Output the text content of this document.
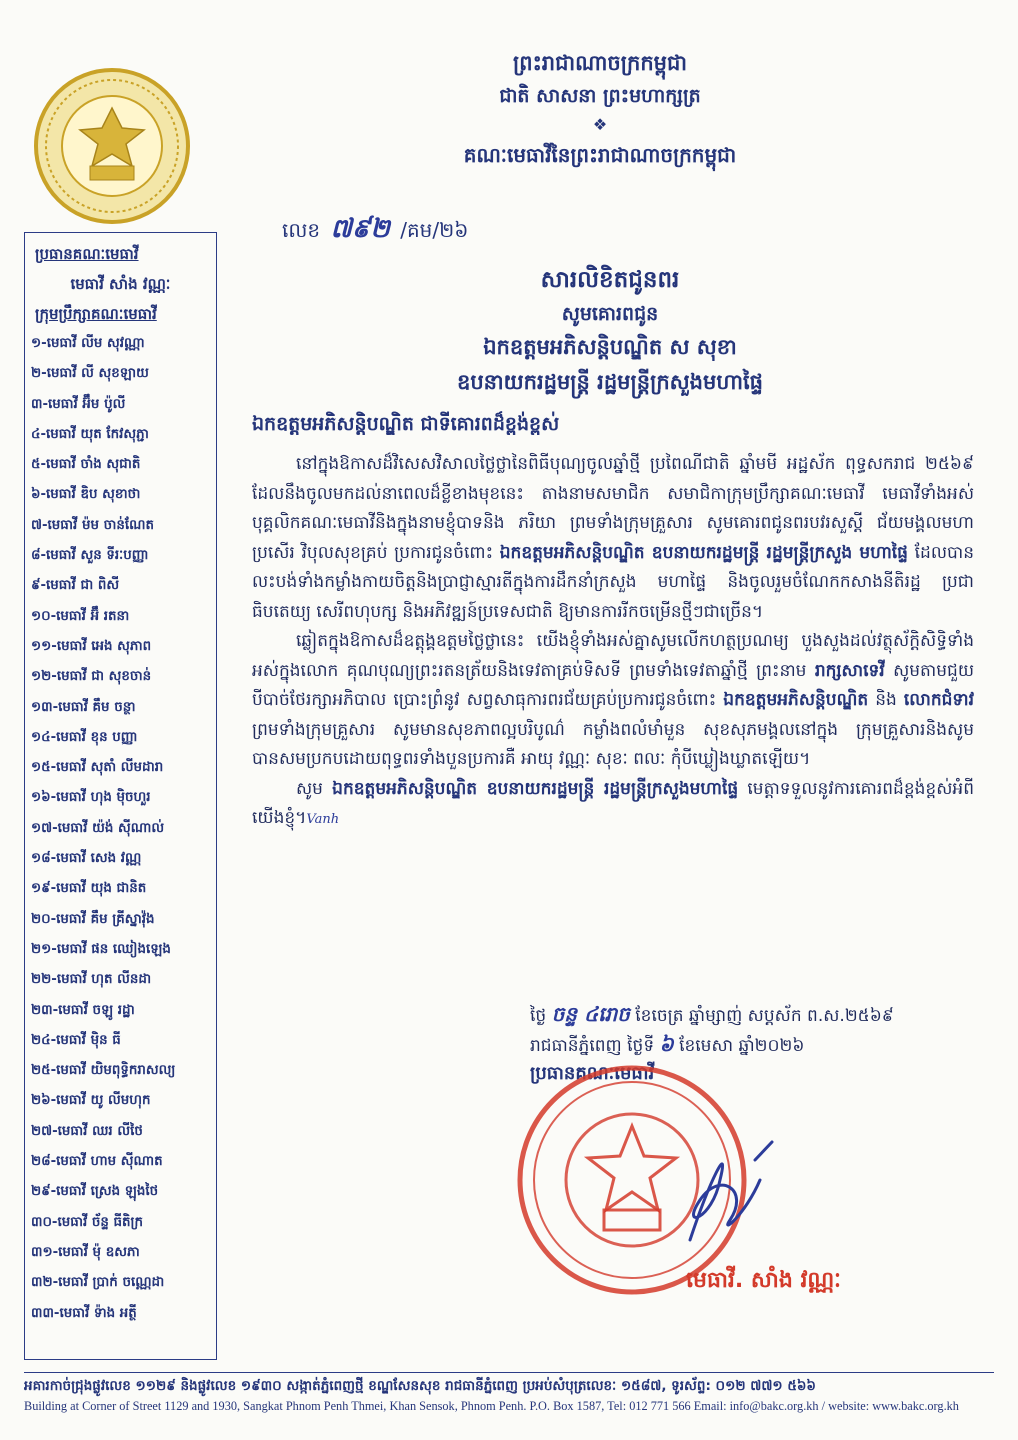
ព្រះរាជាណាចក្រកម្ពុជា
ជាតិ សាសនា ព្រះមហាក្សត្រ
❖
គណៈមេធាវីនៃព្រះរាជាណាចក្រកម្ពុជា
ប្រធានគណៈមេធាវី
មេធាវី សាំង វណ្ណៈ
ក្រុមប្រឹក្សាគណៈមេធាវី
១-មេធាវី លីម សុវណ្ណា
២-មេធាវី លី សុខឡាយ
៣-មេធាវី អ៊ឹម ប៉ូលី
៤-មេធាវី យុត កែវសុភ្ជា
៥-មេធាវី ចាំង សុជាតិ
៦-មេធាវី ឌិប សុខាថា
៧-មេធាវី ម៉ម ចាន់ណែត
៨-មេធាវី សួន ទីរៈបញ្ញា
៩-មេធាវី ជា ពិសី
១០-មេធាវី អ៊ឹ រតនា
១១-មេធាវី អេង សុភាព
១២-មេធាវី ជា សុខចាន់
១៣-មេធាវី គឹម ចន្ថា
១៤-មេធាវី ខុន បញ្ញា
១៥-មេធាវី សុតាំ លីមដារា
១៦-មេធាវី ហុង ម៉ិចហួរ
១៧-មេធាវី យ៉ង់ ស៊ីណាល់
១៨-មេធាវី សេង វណ្ណ
១៩-មេធាវី យុង ជានិត
២០-មេធាវី គឹម គ្រីស្នាវ៉ុង
២១-មេធាវី ផន ឈៀងឡេង
២២-មេធាវី ហុត លីនដា
២៣-មេធាវី ចឡូ រដ្ឋា
២៤-មេធាវី ម៉ិន ធី
២៥-មេធាវី យិមពុទ្ធិករាសល្យ
២៦-មេធាវី យូ លីមហុក
២៧-មេធាវី ឈរ លីថៃ
២៨-មេធាវី ហាម ស៊ីណាត
២៩-មេធាវី ស្រេង ឡុងថៃ
៣០-មេធាវី ច័ន្ទ ធីតិក្រ
៣១-មេធាវី ម៉ុ ឧសភា
៣២-មេធាវី ប្រាក់ ចណ្ណេដា
៣៣-មេធាវី ទ៉ាង អត្ថី
លេខ ៧៩២ /គម/២៦
សារលិខិតជូនពរ
សូមគោរពជូន
ឯកឧត្តមអភិសន្តិបណ្ឌិត ស សុខា
ឧបនាយករដ្ឋមន្ត្រី រដ្ឋមន្ត្រីក្រសួងមហាផ្ទៃ
ឯកឧត្តមអភិសន្តិបណ្ឌិត ជាទីគោរពដ៏ខ្ពង់ខ្ពស់

នៅក្នុងឱកាសដ៏វិសេសវិសាលថ្លៃថ្លានៃពិធីបុណ្យចូលឆ្នាំថ្មី ប្រពៃណីជាតិ ឆ្នាំមមី អដ្ឋស័ក ពុទ្ធសករាជ ២៥៦៩ ដែលនឹងចូលមកដល់នាពេលដ៏ខ្លីខាងមុខនេះ តាងនាមសមាជិក សមាជិកាក្រុមប្រឹក្សាគណៈមេធាវី មេធាវីទាំងអស់ បុគ្គលិកគណៈមេធាវីនិងក្នុងនាមខ្ញុំបាទនិង ភរិយា ព្រមទាំងក្រុមគ្រួសារ សូមគោរពជូនពរបវរសួស្តី ជ័យមង្គលមហាប្រសើរ វិបុលសុខគ្រប់ ប្រការជូនចំពោះ ឯកឧត្តមអភិសន្តិបណ្ឌិត ឧបនាយករដ្ឋមន្ត្រី រដ្ឋមន្ត្រីក្រសួង មហាផ្ទៃ ដែលបានលះបង់ទាំងកម្លាំងកាយចិត្តនិងប្រាជ្ញាស្មារតីក្នុងការដឹកនាំក្រសួង មហាផ្ទៃ និងចូលរួមចំណែកកសាងនីតិរដ្ឋ ប្រជាធិបតេយ្យ សេរីពហុបក្ស និងអភិវឌ្ឍន៍ប្រទេសជាតិ ឱ្យមានការរីកចម្រើនថ្មីៗជាច្រើន។

ឆ្លៀតក្នុងឱកាសដ៏ឧត្តុង្គឧត្តមថ្លៃថ្លានេះ យើងខ្ញុំទាំងអស់គ្នាសូមលើកហត្ថប្រណម្យ បួងសួងដល់វត្ថុស័ក្តិសិទ្ធិទាំងអស់ក្នុងលោក គុណបុណ្យព្រះរតនត្រ័យនិងទេវតាគ្រប់ទិសទី ព្រមទាំងទេវតាឆ្នាំថ្មី ព្រះនាម រាក្សសាទេវី សូមតាមជួយបីបាច់ថែរក្សាអភិបាល ប្រោះព្រំនូវ សព្វសាធុការពរជ័យគ្រប់ប្រការជូនចំពោះ ឯកឧត្តមអភិសន្តិបណ្ឌិត និង លោកជំទាវ ព្រមទាំងក្រុមគ្រួសារ សូមមានសុខភាពល្អបរិបូណ៌ កម្លាំងពលំមាំមួន សុខសុភមង្គលនៅក្នុង ក្រុមគ្រួសារនិងសូមបានសមប្រកបដោយពុទ្ធពរទាំងបួនប្រការគឺ អាយុ វណ្ណៈ សុខៈ ពលៈ កុំបីឃ្លៀងឃ្លាតឡើយ។

សូម ឯកឧត្តមអភិសន្តិបណ្ឌិត ឧបនាយករដ្ឋមន្ត្រី រដ្ឋមន្ត្រីក្រសួងមហាផ្ទៃ មេត្តាទទួលនូវការគោរពដ៏ខ្ពង់ខ្ពស់អំពីយើងខ្ញុំ។Vanh

ថ្ងៃ ចន្ទ ៤រោច ខែចេត្រ ឆ្នាំម្សាញ់ សប្តស័ក ព.ស.២៥៦៩
រាជធានីភ្នំពេញ ថ្ងៃទី ៦ ខែមេសា ឆ្នាំ២០២៦
ប្រធានគណៈមេធាវី
មេធាវី. សាំង វណ្ណៈ
អគារកាច់ជ្រុងផ្លូវលេខ ១១២៩ និងផ្លូវលេខ ១៩៣០ សង្កាត់ភ្នំពេញថ្មី ខណ្ឌសែនសុខ រាជធានីភ្នំពេញ ប្រអប់សំបុត្រលេខៈ ១៥៨៧, ទូរស័ព្ទ: ០១២ ៧៧១ ៥៦៦
Building at Corner of Street 1129 and 1930, Sangkat Phnom Penh Thmei, Khan Sensok, Phnom Penh. P.O. Box 1587, Tel: 012 771 566 Email: info@bakc.org.kh / website: www.bakc.org.kh
